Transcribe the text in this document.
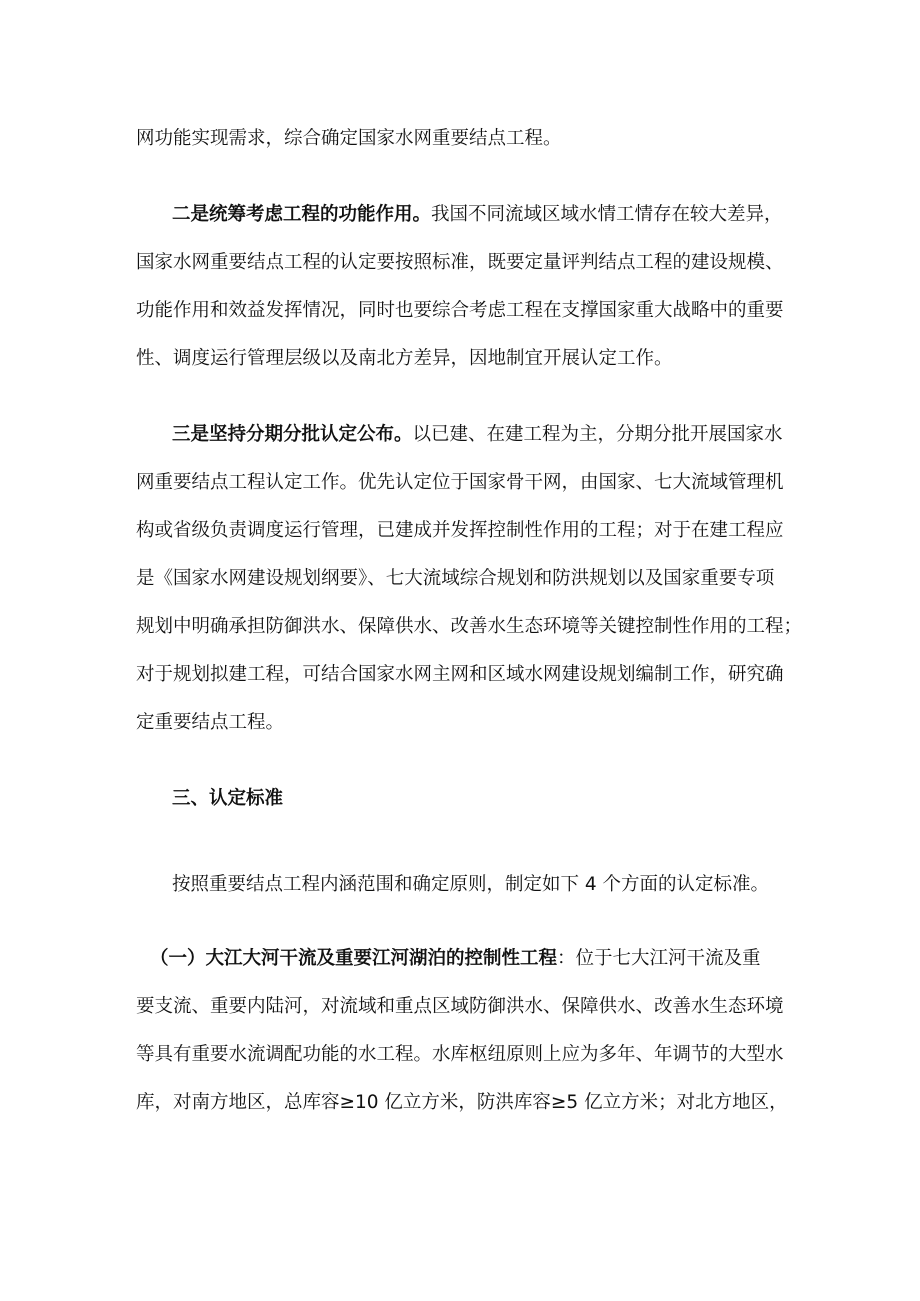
网功能实现需求，综合确定国家水网重要结点工程。
二是统筹考虑工程的功能作用。我国不同流域区域水情工情存在较大差异，
国家水网重要结点工程的认定要按照标准，既要定量评判结点工程的建设规模、
功能作用和效益发挥情况，同时也要综合考虑工程在支撑国家重大战略中的重要
性、调度运行管理层级以及南北方差异，因地制宜开展认定工作。
三是坚持分期分批认定公布。以已建、在建工程为主，分期分批开展国家水
网重要结点工程认定工作。优先认定位于国家骨干网，由国家、七大流域管理机
构或省级负责调度运行管理，已建成并发挥控制性作用的工程；对于在建工程应
是《国家水网建设规划纲要》、七大流域综合规划和防洪规划以及国家重要专项
规划中明确承担防御洪水、保障供水、改善水生态环境等关键控制性作用的工程；
对于规划拟建工程，可结合国家水网主网和区域水网建设规划编制工作，研究确
定重要结点工程。
三、认定标准
按照重要结点工程内涵范围和确定原则，制定如下 4 个方面的认定标准。
（一）大江大河干流及重要江河湖泊的控制性工程：位于七大江河干流及重
要支流、重要内陆河，对流域和重点区域防御洪水、保障供水、改善水生态环境
等具有重要水流调配功能的水工程。水库枢纽原则上应为多年、年调节的大型水
库，对南方地区，总库容≥10 亿立方米，防洪库容≥5 亿立方米；对北方地区，
